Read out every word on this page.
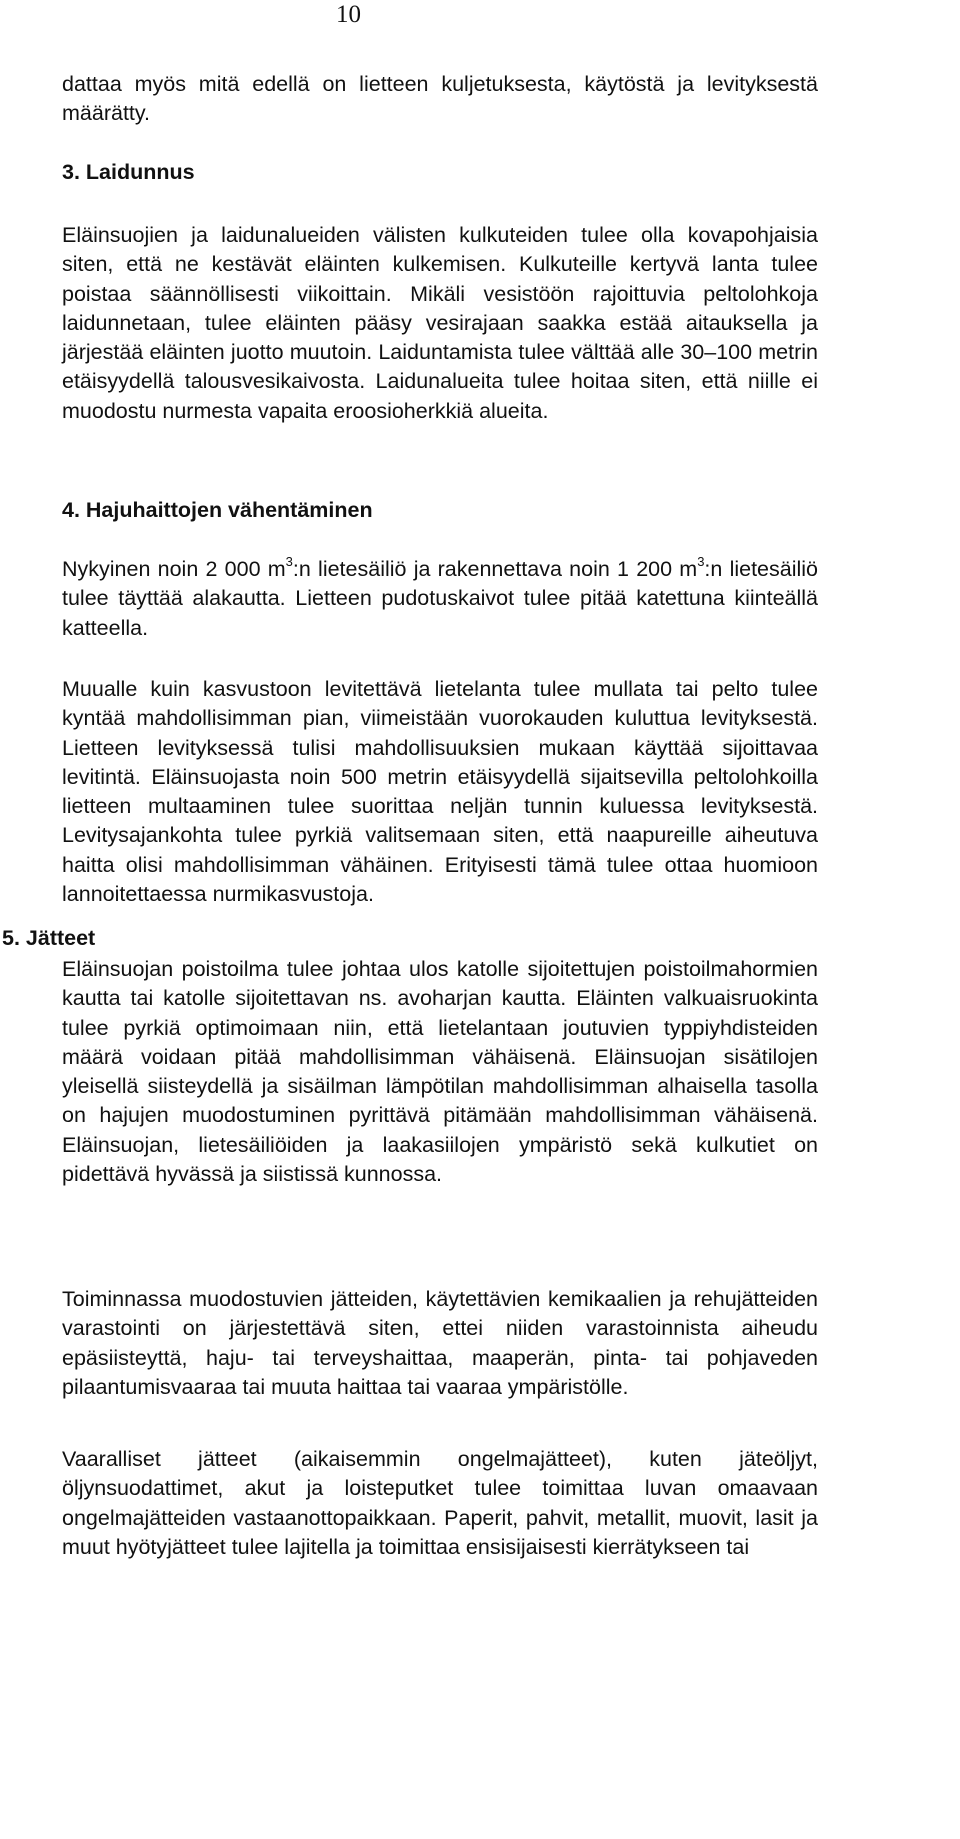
10

dattaa myös mitä edellä on lietteen kuljetuksesta, käytöstä ja levityksestä määrätty.

3. Laidunnus

Eläinsuojien ja laidunalueiden välisten kulkuteiden tulee olla kovapohjaisia siten, että ne kestävät eläinten kulkemisen. Kulkuteille kertyvä lanta tulee poistaa säännöllisesti viikoittain. Mikäli vesistöön rajoittuvia peltolohkoja laidunnetaan, tulee eläinten pääsy vesirajaan saakka estää aitauksella ja järjestää eläinten juotto muutoin. Laiduntamista tulee välttää alle 30–100 metrin etäisyydellä talousvesikaivosta. Laidunalueita tulee hoitaa siten, että niille ei muodostu nurmesta vapaita eroosioherkkiä alueita.

4. Hajuhaittojen vähentäminen

Nykyinen noin 2 000 $m^3:n$ lietesäiliö ja rakennettava noin 1 200 $m^3:n$ lietesäiliö tulee täyttää alakautta. Lietteen pudotuskaivot tulee pitää katettuna kiinteällä katteella.

Muualle kuin kasvustoon levitettävä lietelanta tulee mullata tai pelto tulee kyntää mahdollisimman pian, viimeistään vuorokauden kuluttua levityksestä. Lietteen levityksessä tulisi mahdollisuuksien mukaan käyttää sijoittavaa levitintä. Eläinsuojasta noin 500 metrin etäisyydellä sijaitsevilla peltolohkoilla lietteen multaaminen tulee suorittaa neljän tunnin kuluessa levityksestä. Levitysajankohta tulee pyrkiä valitsemaan siten, että naapureille aiheutuva haitta olisi mahdollisimman vähäinen. Erityisesti tämä tulee ottaa huomioon lannoitettaessa nurmikasvustoja.

Eläinsuojan poistoilma tulee johtaa ulos katolle sijoitettujen poistoilmahormien kautta tai katolle sijoitettavan ns. avoharjan kautta. Eläinten valkuaisruokinta tulee pyrkiä optimoimaan niin, että lietelantaan joutuvien typpiyhdisteiden määrä voidaan pitää mahdollisimman vähäisenä. Eläinsuojan sisätilojen yleisellä siisteydellä ja sisäilman lämpötilan mahdollisimman alhaisella tasolla on hajujen muodostuminen pyrittävä pitämään mahdollisimman vähäisenä. Eläinsuojan, lietesäiliöiden ja laakasiilojen ympäristö sekä kulkutiet on pidettävä hyvässä ja siistissä kunnossa.

5. Jätteet

Toiminnassa muodostuvien jätteiden, käytettävien kemikaalien ja rehujätteiden varastointi on järjestettävä siten, ettei niiden varastoinnista aiheudu epäsiisteyttä, haju- tai terveyshaittaa, maaperän, pinta- tai pohjaveden pilaantumisvaaraa tai muuta haittaa tai vaaraa ympäristölle.

Vaaralliset jätteet (aikaisemmin ongelmajätteet), kuten jäteöljyt, öljynsuodattimet, akut ja loisteputket tulee toimittaa luvan omaavaan ongelmajätteiden vastaanottopaikkaan. Paperit, pahvit, metallit, muovit, lasit ja muut hyötyjätteet tulee lajitella ja toimittaa ensisijaisesti kierrätykseen tai
